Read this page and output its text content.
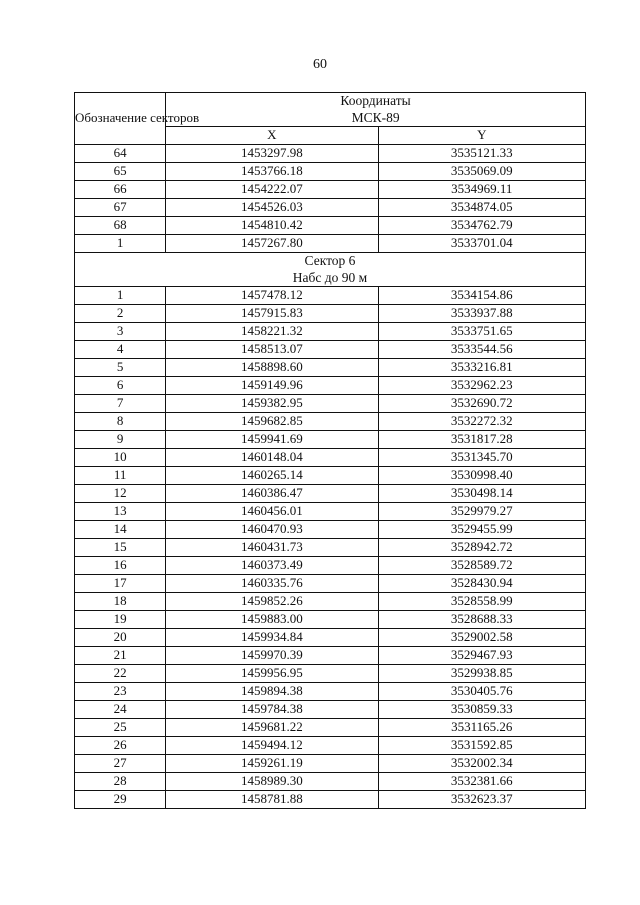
60
Обозначение секторов	Координаты
МСК-89	

	X	Y
64	1453297.98	3535121.33
65	1453766.18	3535069.09
66	1454222.07	3534969.11
67	1454526.03	3534874.05
68	1454810.42	3534762.79
1	1457267.80	3533701.04

Сектор 6
Набс до 90 м		

1	1457478.12	3534154.86
2	1457915.83	3533937.88
3	1458221.32	3533751.65
4	1458513.07	3533544.56
5	1458898.60	3533216.81
6	1459149.96	3532962.23
7	1459382.95	3532690.72
8	1459682.85	3532272.32
9	1459941.69	3531817.28
10	1460148.04	3531345.70
11	1460265.14	3530998.40
12	1460386.47	3530498.14
13	1460456.01	3529979.27
14	1460470.93	3529455.99
15	1460431.73	3528942.72
16	1460373.49	3528589.72
17	1460335.76	3528430.94
18	1459852.26	3528558.99
19	1459883.00	3528688.33
20	1459934.84	3529002.58
21	1459970.39	3529467.93
22	1459956.95	3529938.85
23	1459894.38	3530405.76
24	1459784.38	3530859.33
25	1459681.22	3531165.26
26	1459494.12	3531592.85
27	1459261.19	3532002.34
28	1458989.30	3532381.66
29	1458781.88	3532623.37
